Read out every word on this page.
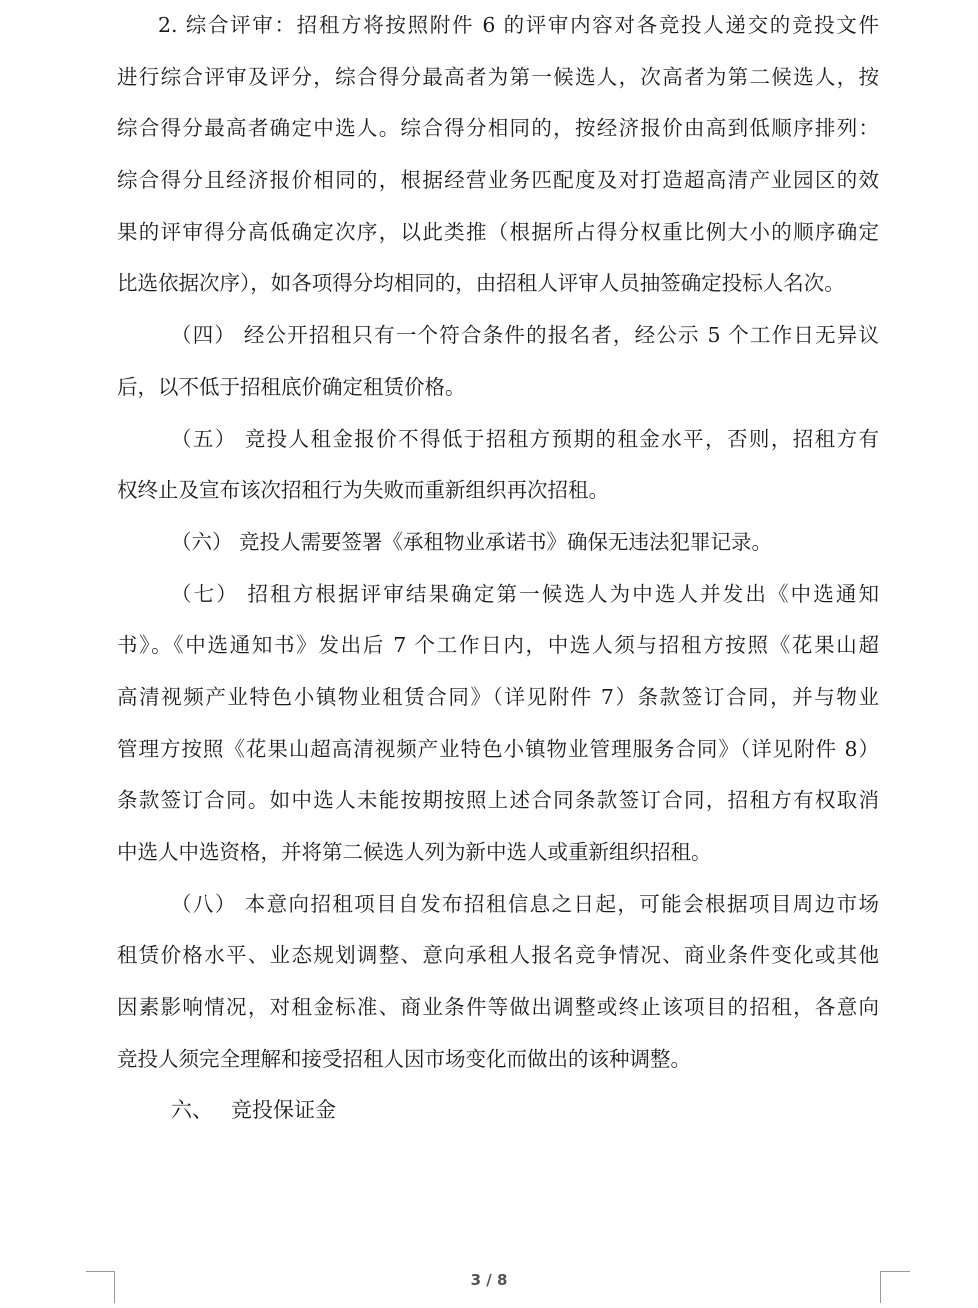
2. 综合评审：招租方将按照附件 6 的评审内容对各竞投人递交的竞投文件
进行综合评审及评分，综合得分最高者为第一候选人，次高者为第二候选人，按
综合得分最高者确定中选人。综合得分相同的，按经济报价由高到低顺序排列：
综合得分且经济报价相同的，根据经营业务匹配度及对打造超高清产业园区的效
果的评审得分高低确定次序，以此类推（根据所占得分权重比例大小的顺序确定
比选依据次序），如各项得分均相同的，由招租人评审人员抽签确定投标人名次。
（四） 经公开招租只有一个符合条件的报名者，经公示 5 个工作日无异议
后，以不低于招租底价确定租赁价格。
（五） 竞投人租金报价不得低于招租方预期的租金水平，否则，招租方有
权终止及宣布该次招租行为失败而重新组织再次招租。
（六） 竞投人需要签署《承租物业承诺书》确保无违法犯罪记录。
（七） 招租方根据评审结果确定第一候选人为中选人并发出《中选通知
书》。《中选通知书》发出后 7 个工作日内，中选人须与招租方按照《花果山超
高清视频产业特色小镇物业租赁合同》（详见附件 7）条款签订合同，并与物业
管理方按照《花果山超高清视频产业特色小镇物业管理服务合同》（详见附件 8）
条款签订合同。如中选人未能按期按照上述合同条款签订合同，招租方有权取消
中选人中选资格，并将第二候选人列为新中选人或重新组织招租。
（八） 本意向招租项目自发布招租信息之日起，可能会根据项目周边市场
租赁价格水平、业态规划调整、意向承租人报名竞争情况、商业条件变化或其他
因素影响情况，对租金标准、商业条件等做出调整或终止该项目的招租，各意向
竞投人须完全理解和接受招租人因市场变化而做出的该种调整。
六、 竞投保证金
3 / 8
